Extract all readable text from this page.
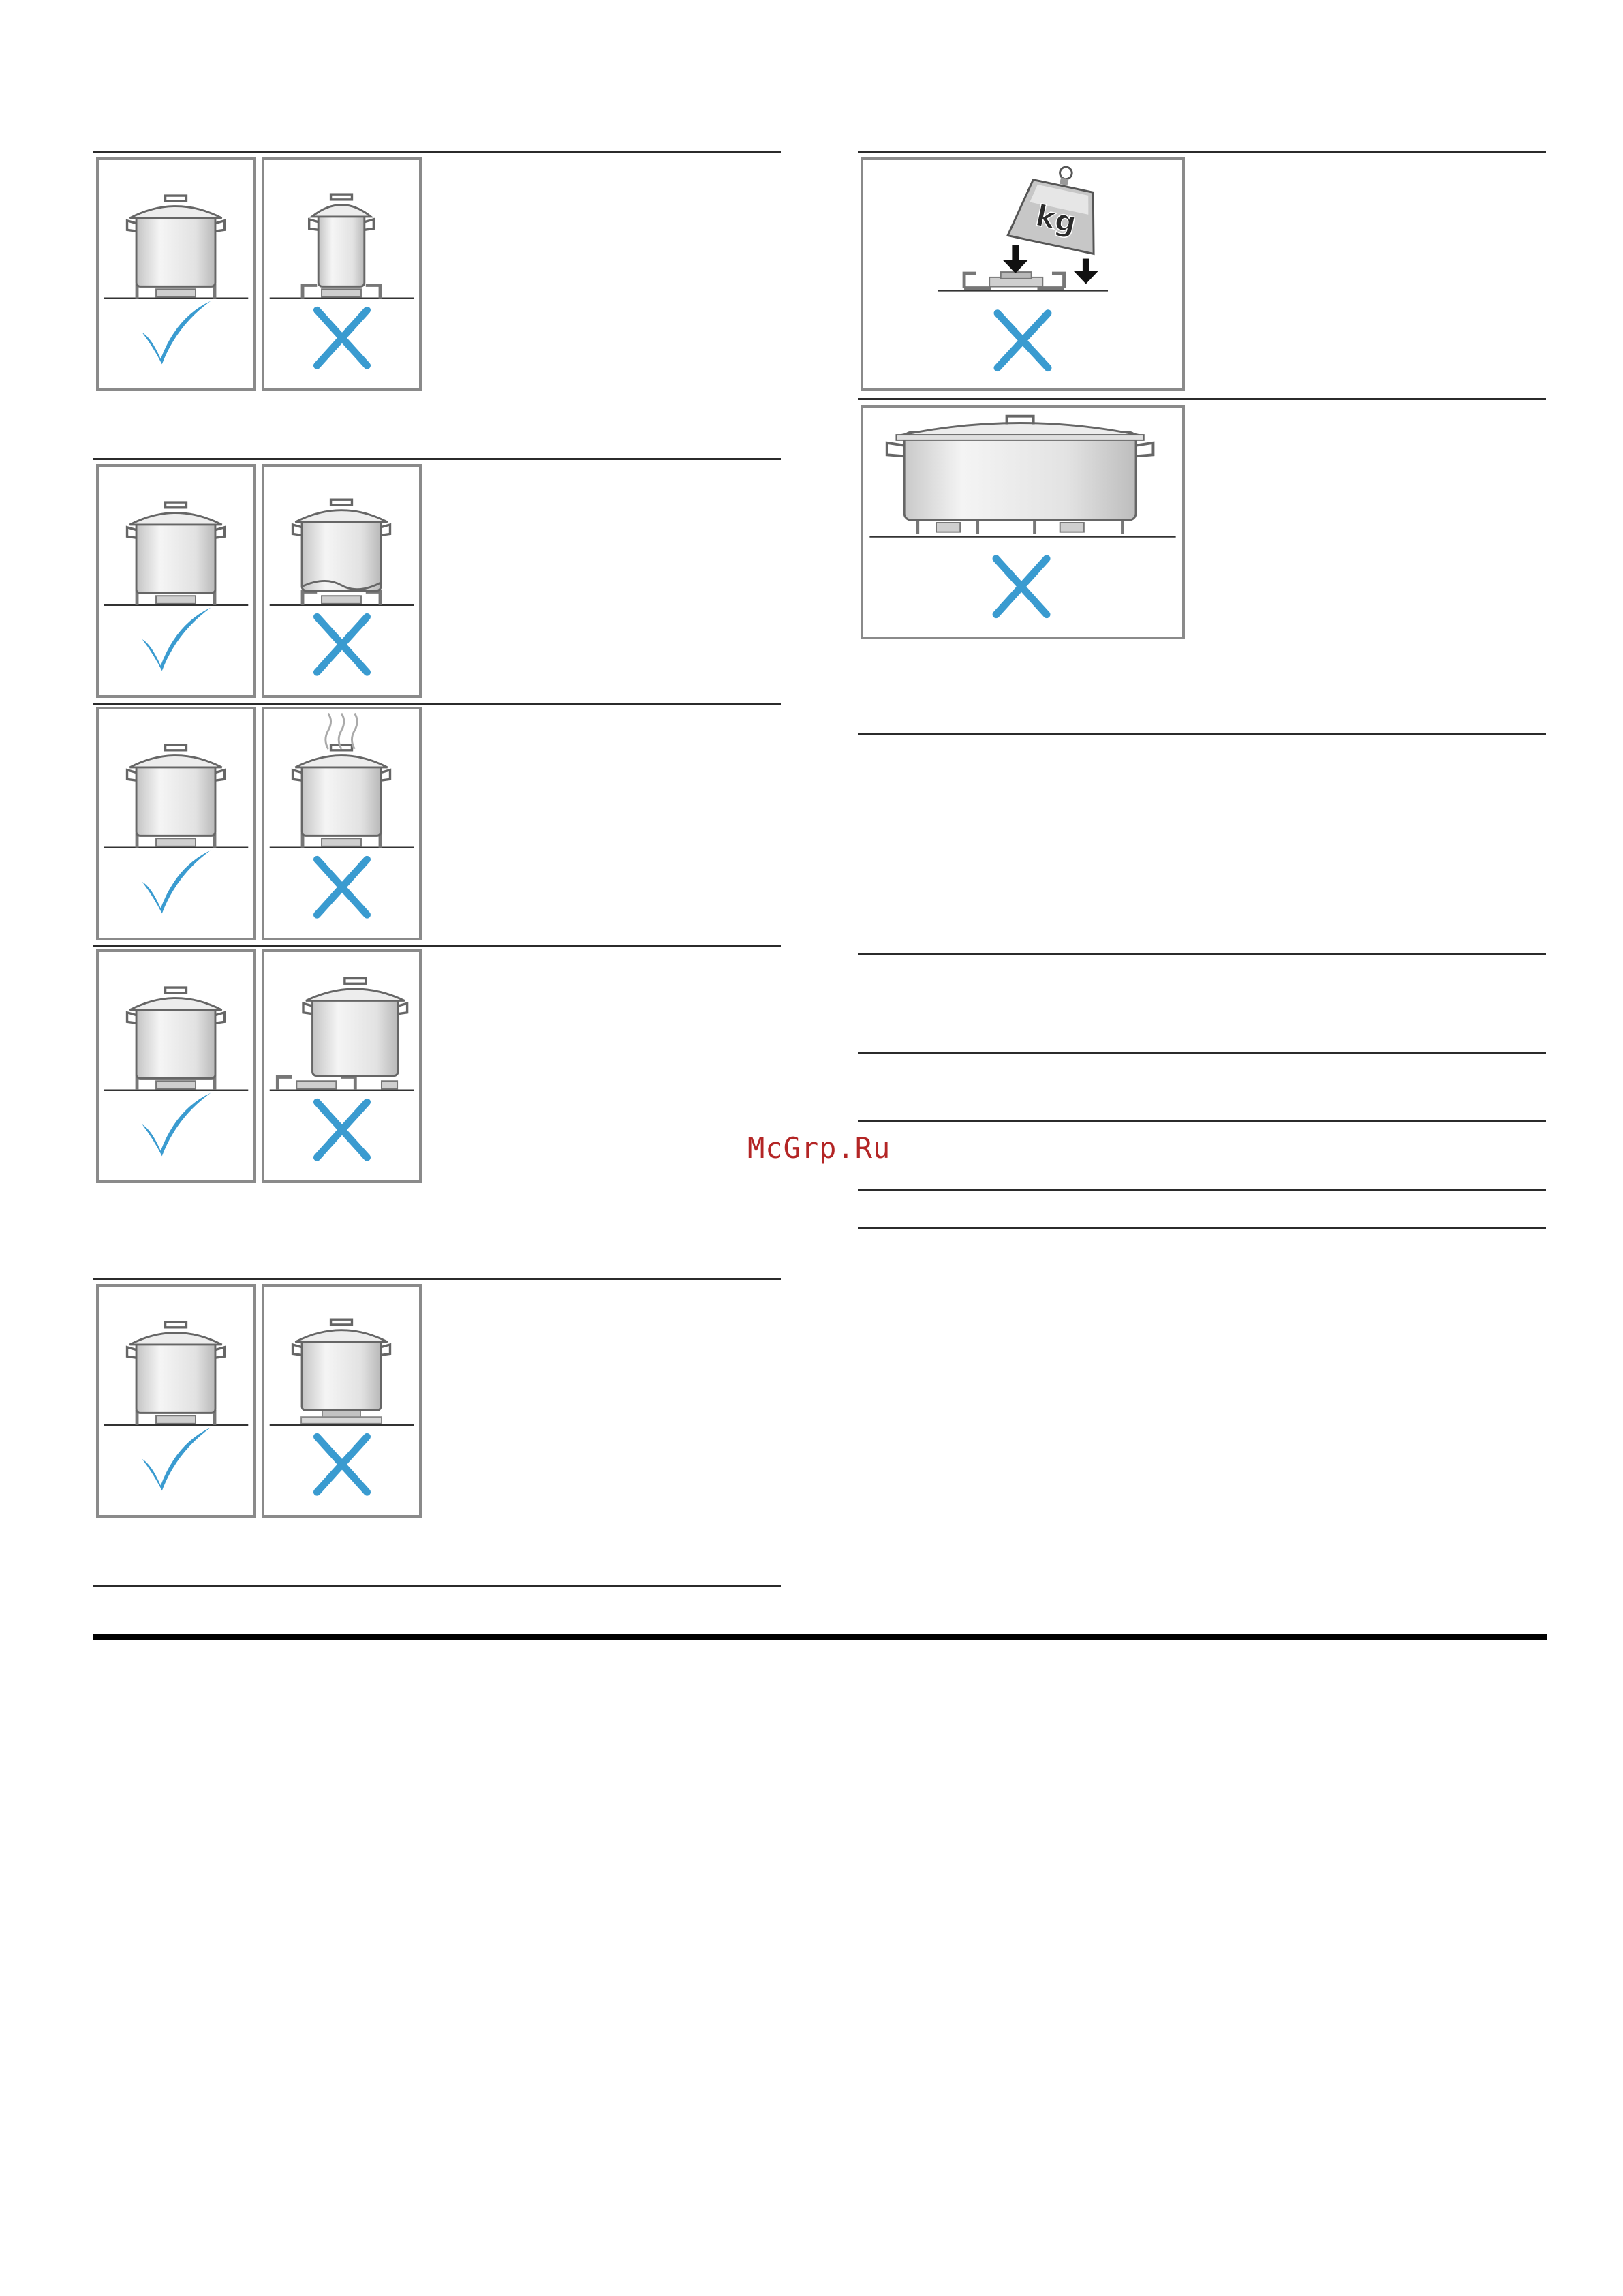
kg
McGrp.Ru
